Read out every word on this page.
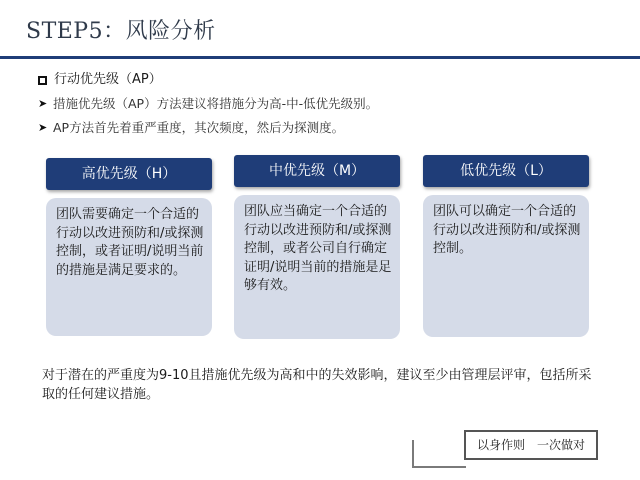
STEP5：风险分析
行动优先级（AP）
➤ 措施优先级（AP）方法建议将措施分为高-中-低优先级别。
➤ AP方法首先着重严重度，其次频度，然后为探测度。
高优先级（H）
团队需要确定一个合适的行动以改进预防和/或探测控制，或者证明/说明当前的措施是满足要求的。
中优先级（M）
团队应当确定一个合适的行动以改进预防和/或探测控制，或者公司自行确定证明/说明当前的措施是足够有效。
低优先级（L）
团队可以确定一个合适的行动以改进预防和/或探测控制。
对于潜在的严重度为9-10且措施优先级为高和中的失效影响，建议至少由管理层评审，包括所采取的任何建议措施。
以身作则　一次做对
